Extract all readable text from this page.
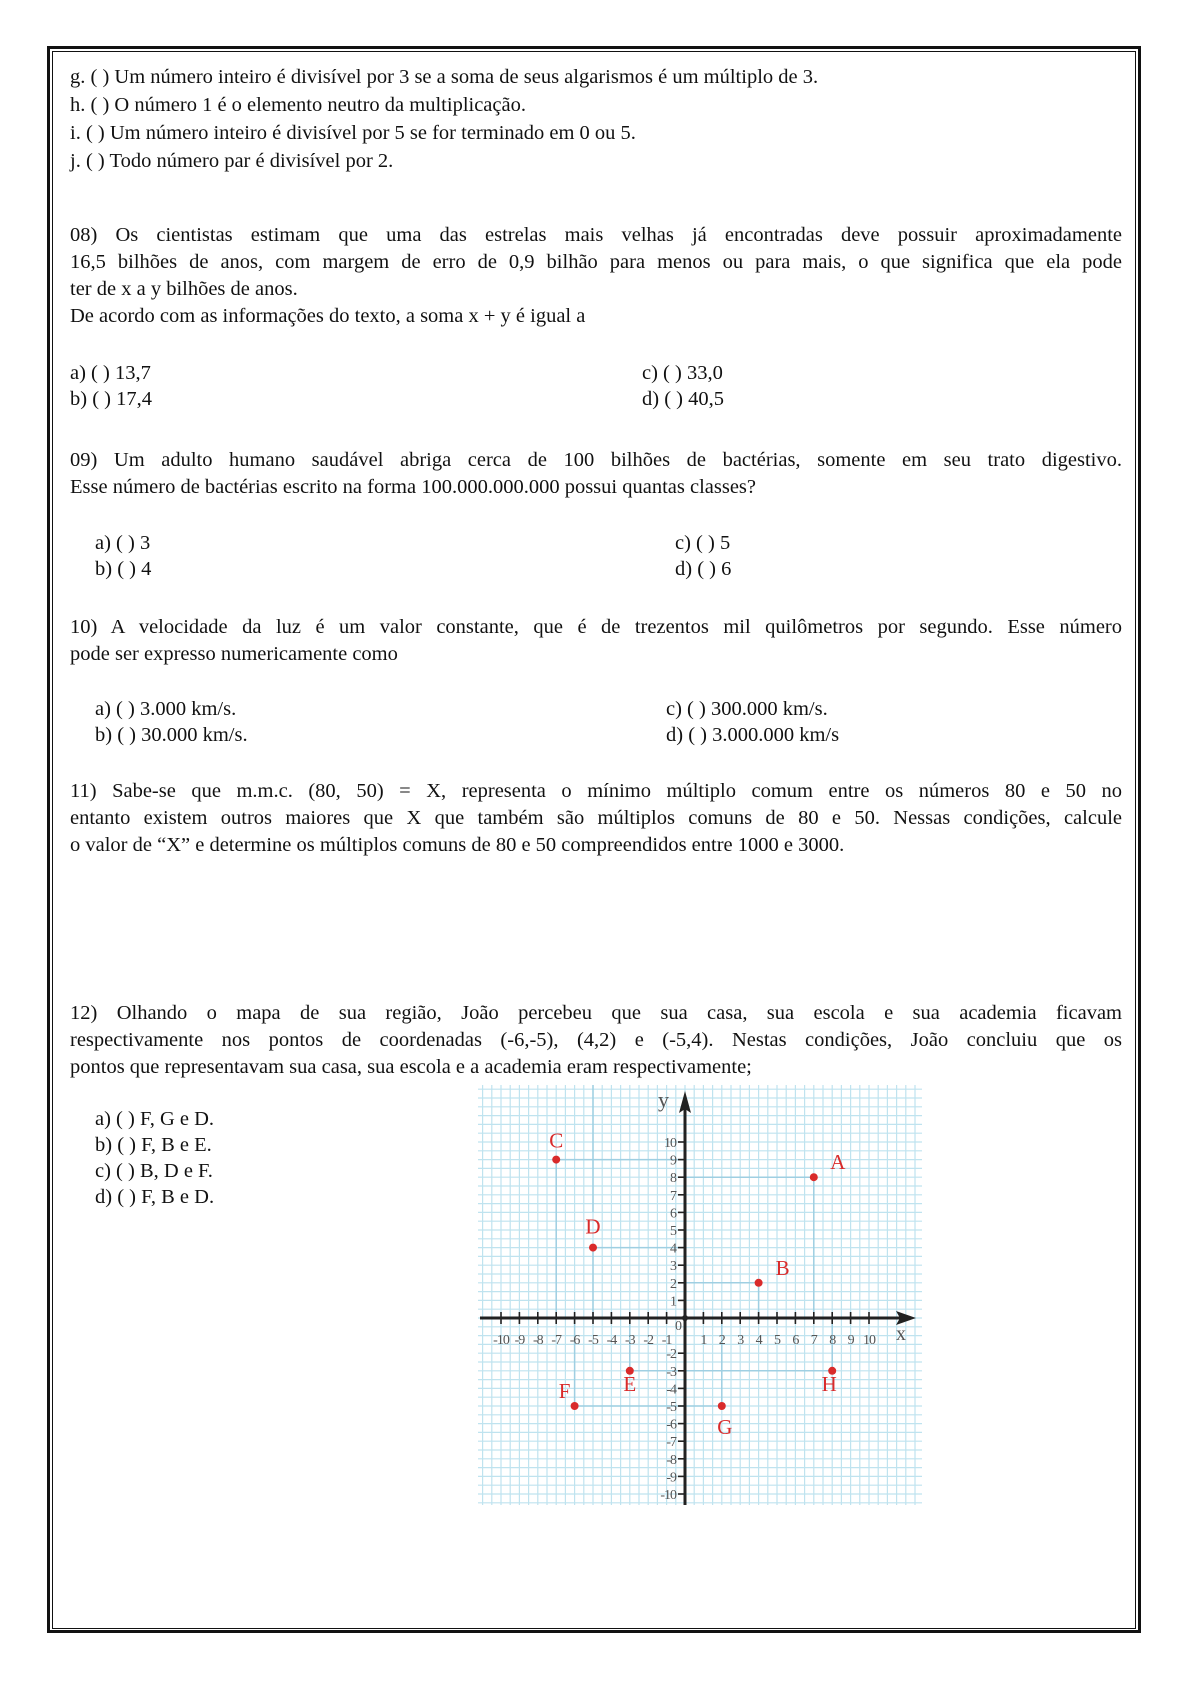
g. ( ) Um número inteiro é divisível por 3 se a soma de seus algarismos é um múltiplo de 3.
h. ( ) O número 1 é o elemento neutro da multiplicação.
i. ( ) Um número inteiro é divisível por 5 se for terminado em 0 ou 5.
j. ( ) Todo número par é divisível por 2.
08) Os cientistas estimam que uma das estrelas mais velhas já encontradas deve possuir aproximadamente
16,5 bilhões de anos, com margem de erro de 0,9 bilhão para menos ou para mais, o que significa que ela pode
ter de x a y bilhões de anos.
De acordo com as informações do texto, a soma x + y é igual a
a) ( ) 13,7
b) ( ) 17,4
c) ( ) 33,0
d) ( ) 40,5
09) Um adulto humano saudável abriga cerca de 100 bilhões de bactérias, somente em seu trato digestivo.
Esse número de bactérias escrito na forma 100.000.000.000 possui quantas classes?
a) ( ) 3
b) ( ) 4
c) ( ) 5
d) ( ) 6
10) A velocidade da luz é um valor constante, que é de trezentos mil quilômetros por segundo. Esse número
pode ser expresso numericamente como
a) ( ) 3.000 km/s.
b) ( ) 30.000 km/s.
c) ( ) 300.000 km/s.
d) ( ) 3.000.000 km/s
11) Sabe-se que m.m.c. (80, 50) = X, representa o mínimo múltiplo comum entre os números 80 e 50 no
entanto existem outros maiores que X que também são múltiplos comuns de 80 e 50. Nessas condições, calcule
o valor de “X” e determine os múltiplos comuns de 80 e 50 compreendidos entre 1000 e 3000.
12) Olhando o mapa de sua região, João percebeu que sua casa, sua escola e sua academia ficavam
respectivamente nos pontos de coordenadas (-6,-5), (4,2) e (-5,4). Nestas condições, João concluiu que os
pontos que representavam sua casa, sua escola e a academia eram respectivamente;
a) ( ) F, G e D.
b) ( ) F, B e E.
c) ( ) B, D e F.
d) ( ) F, B e D.
x
y
0
-10 -9 -8 -7 -6 -5 -4 -3 -2 -1 1 2 3 4 5 6 7 8 9 10
10
9
8
7
6
5
4
3
2
1
-2
-3
-4
-5
-6
-7
-8
-9
-10
A
B
C
D
E
F
G
H
